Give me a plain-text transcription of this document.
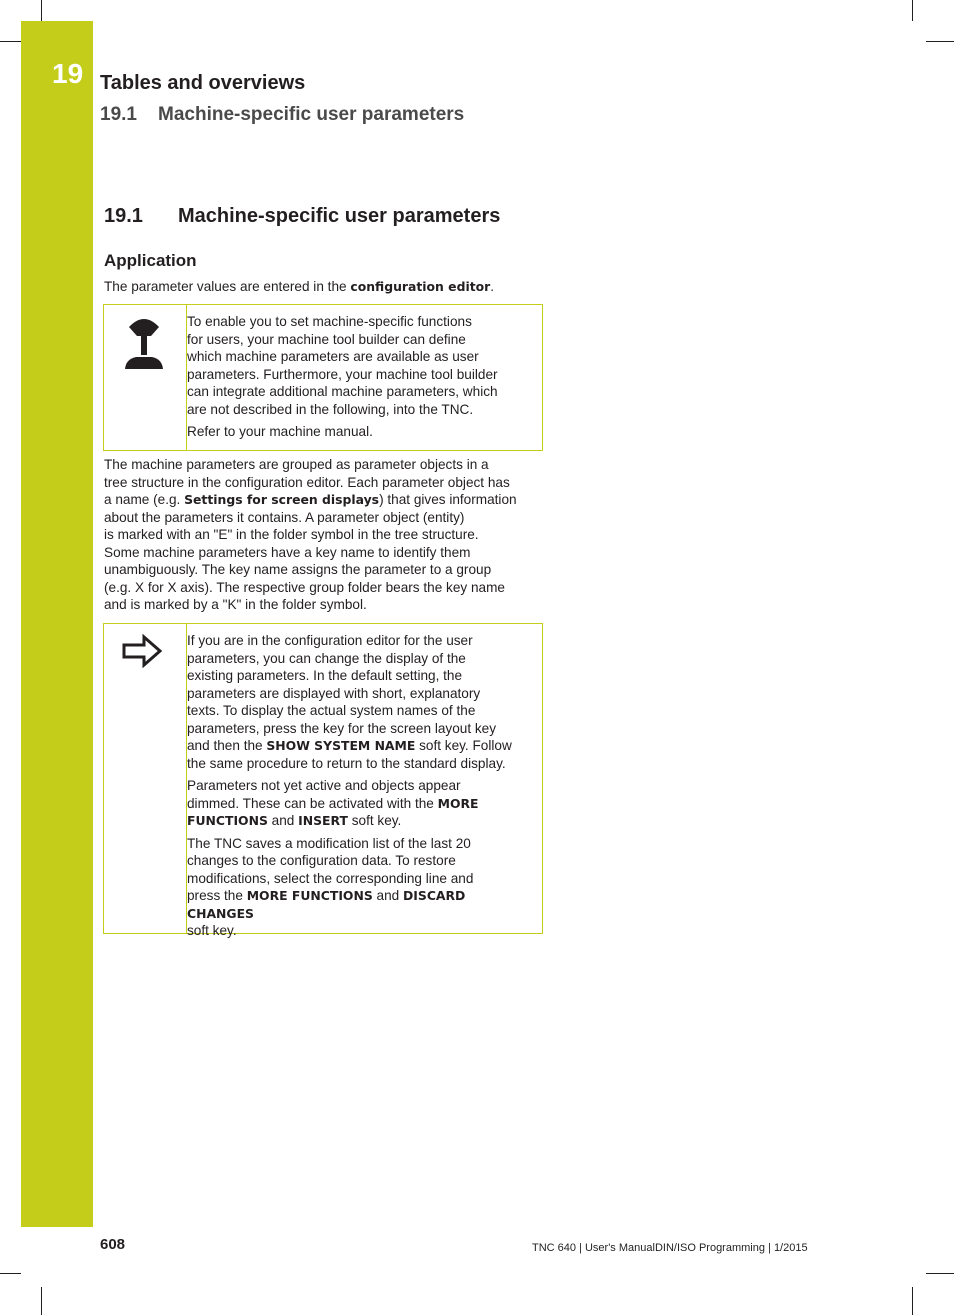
19 Tables and overviews
19.1 Machine-specific user parameters
19.1 Machine-specific user parameters
Application
The parameter values are entered in the configuration editor.

To enable you to set machine-specific functions
for users, your machine tool builder can define
which machine parameters are available as user
parameters. Furthermore, your machine tool builder
can integrate additional machine parameters, which
are not described in the following, into the TNC.

Refer to your machine manual.

The machine parameters are grouped as parameter objects in a
tree structure in the configuration editor. Each parameter object has
a name (e.g. Settings for screen displays) that gives information
about the parameters it contains. A parameter object (entity)
is marked with an "E" in the folder symbol in the tree structure.
Some machine parameters have a key name to identify them
unambiguously. The key name assigns the parameter to a group
(e.g. X for X axis). The respective group folder bears the key name
and is marked by a "K" in the folder symbol.

If you are in the configuration editor for the user
parameters, you can change the display of the
existing parameters. In the default setting, the
parameters are displayed with short, explanatory
texts. To display the actual system names of the
parameters, press the key for the screen layout key
and then the SHOW SYSTEM NAME soft key. Follow
the same procedure to return to the standard display.

Parameters not yet active and objects appear
dimmed. These can be activated with the MORE
FUNCTIONS and INSERT soft key.

The TNC saves a modification list of the last 20
changes to the configuration data. To restore
modifications, select the corresponding line and
press the MORE FUNCTIONS and DISCARD CHANGES
soft key.

608	TNC 640 | User's ManualDIN/ISO Programming | 1/2015
